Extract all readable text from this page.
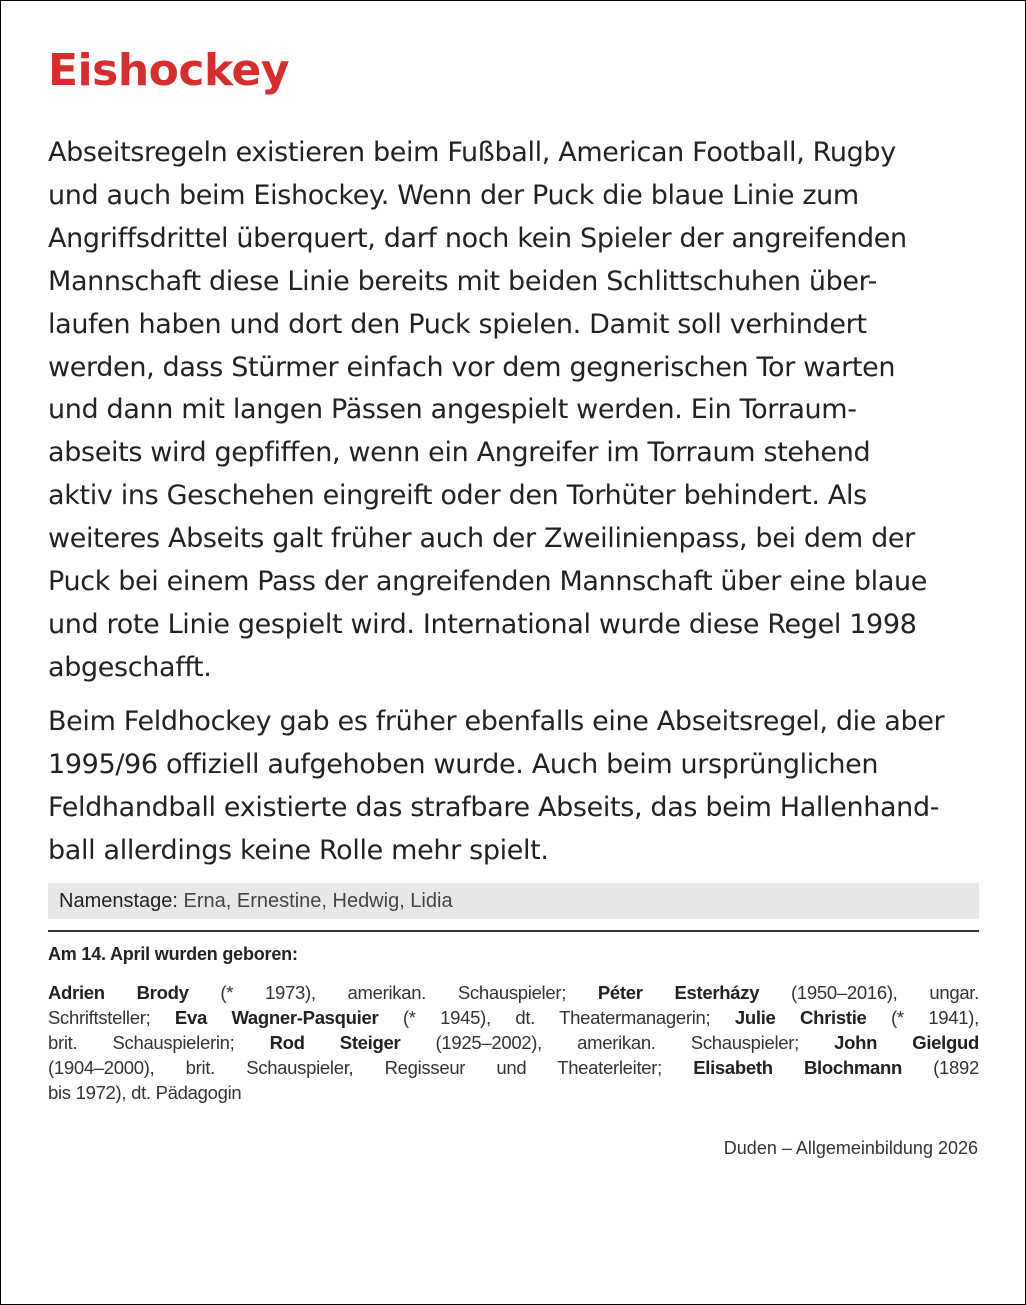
Eishockey

Abseitsregeln existieren beim Fußball, American Football, Rugby
und auch beim Eishockey. Wenn der Puck die blaue Linie zum
Angriffsdrittel überquert, darf noch kein Spieler der angreifenden
Mannschaft diese Linie bereits mit beiden Schlittschuhen über-
laufen haben und dort den Puck spielen. Damit soll verhindert
werden, dass Stürmer einfach vor dem gegnerischen Tor warten
und dann mit langen Pässen angespielt werden. Ein Torraum-
abseits wird gepfiffen, wenn ein Angreifer im Torraum stehend
aktiv ins Geschehen eingreift oder den Torhüter behindert. Als
weiteres Abseits galt früher auch der Zweilinienpass, bei dem der
Puck bei einem Pass der angreifenden Mannschaft über eine blaue
und rote Linie gespielt wird. International wurde diese Regel 1998
abgeschafft.

Beim Feldhockey gab es früher ebenfalls eine Abseitsregel, die aber
1995/96 offiziell aufgehoben wurde. Auch beim ursprünglichen
Feldhandball existierte das strafbare Abseits, das beim Hallenhand-
ball allerdings keine Rolle mehr spielt.

Namenstage: Erna, Ernestine, Hedwig, Lidia
Am 14. April wurden geboren:
Adrien Brody (* 1973), amerikan. Schauspieler; Péter Esterházy (1950–2016), ungar.
Schriftsteller; Eva Wagner-Pasquier (* 1945), dt. Theatermanagerin; Julie Christie (* 1941),
brit. Schauspielerin; Rod Steiger (1925–2002), amerikan. Schauspieler; John Gielgud
(1904–2000), brit. Schauspieler, Regisseur und Theaterleiter; Elisabeth Blochmann (1892
bis 1972), dt. Pädagogin
Duden – Allgemeinbildung 2026
